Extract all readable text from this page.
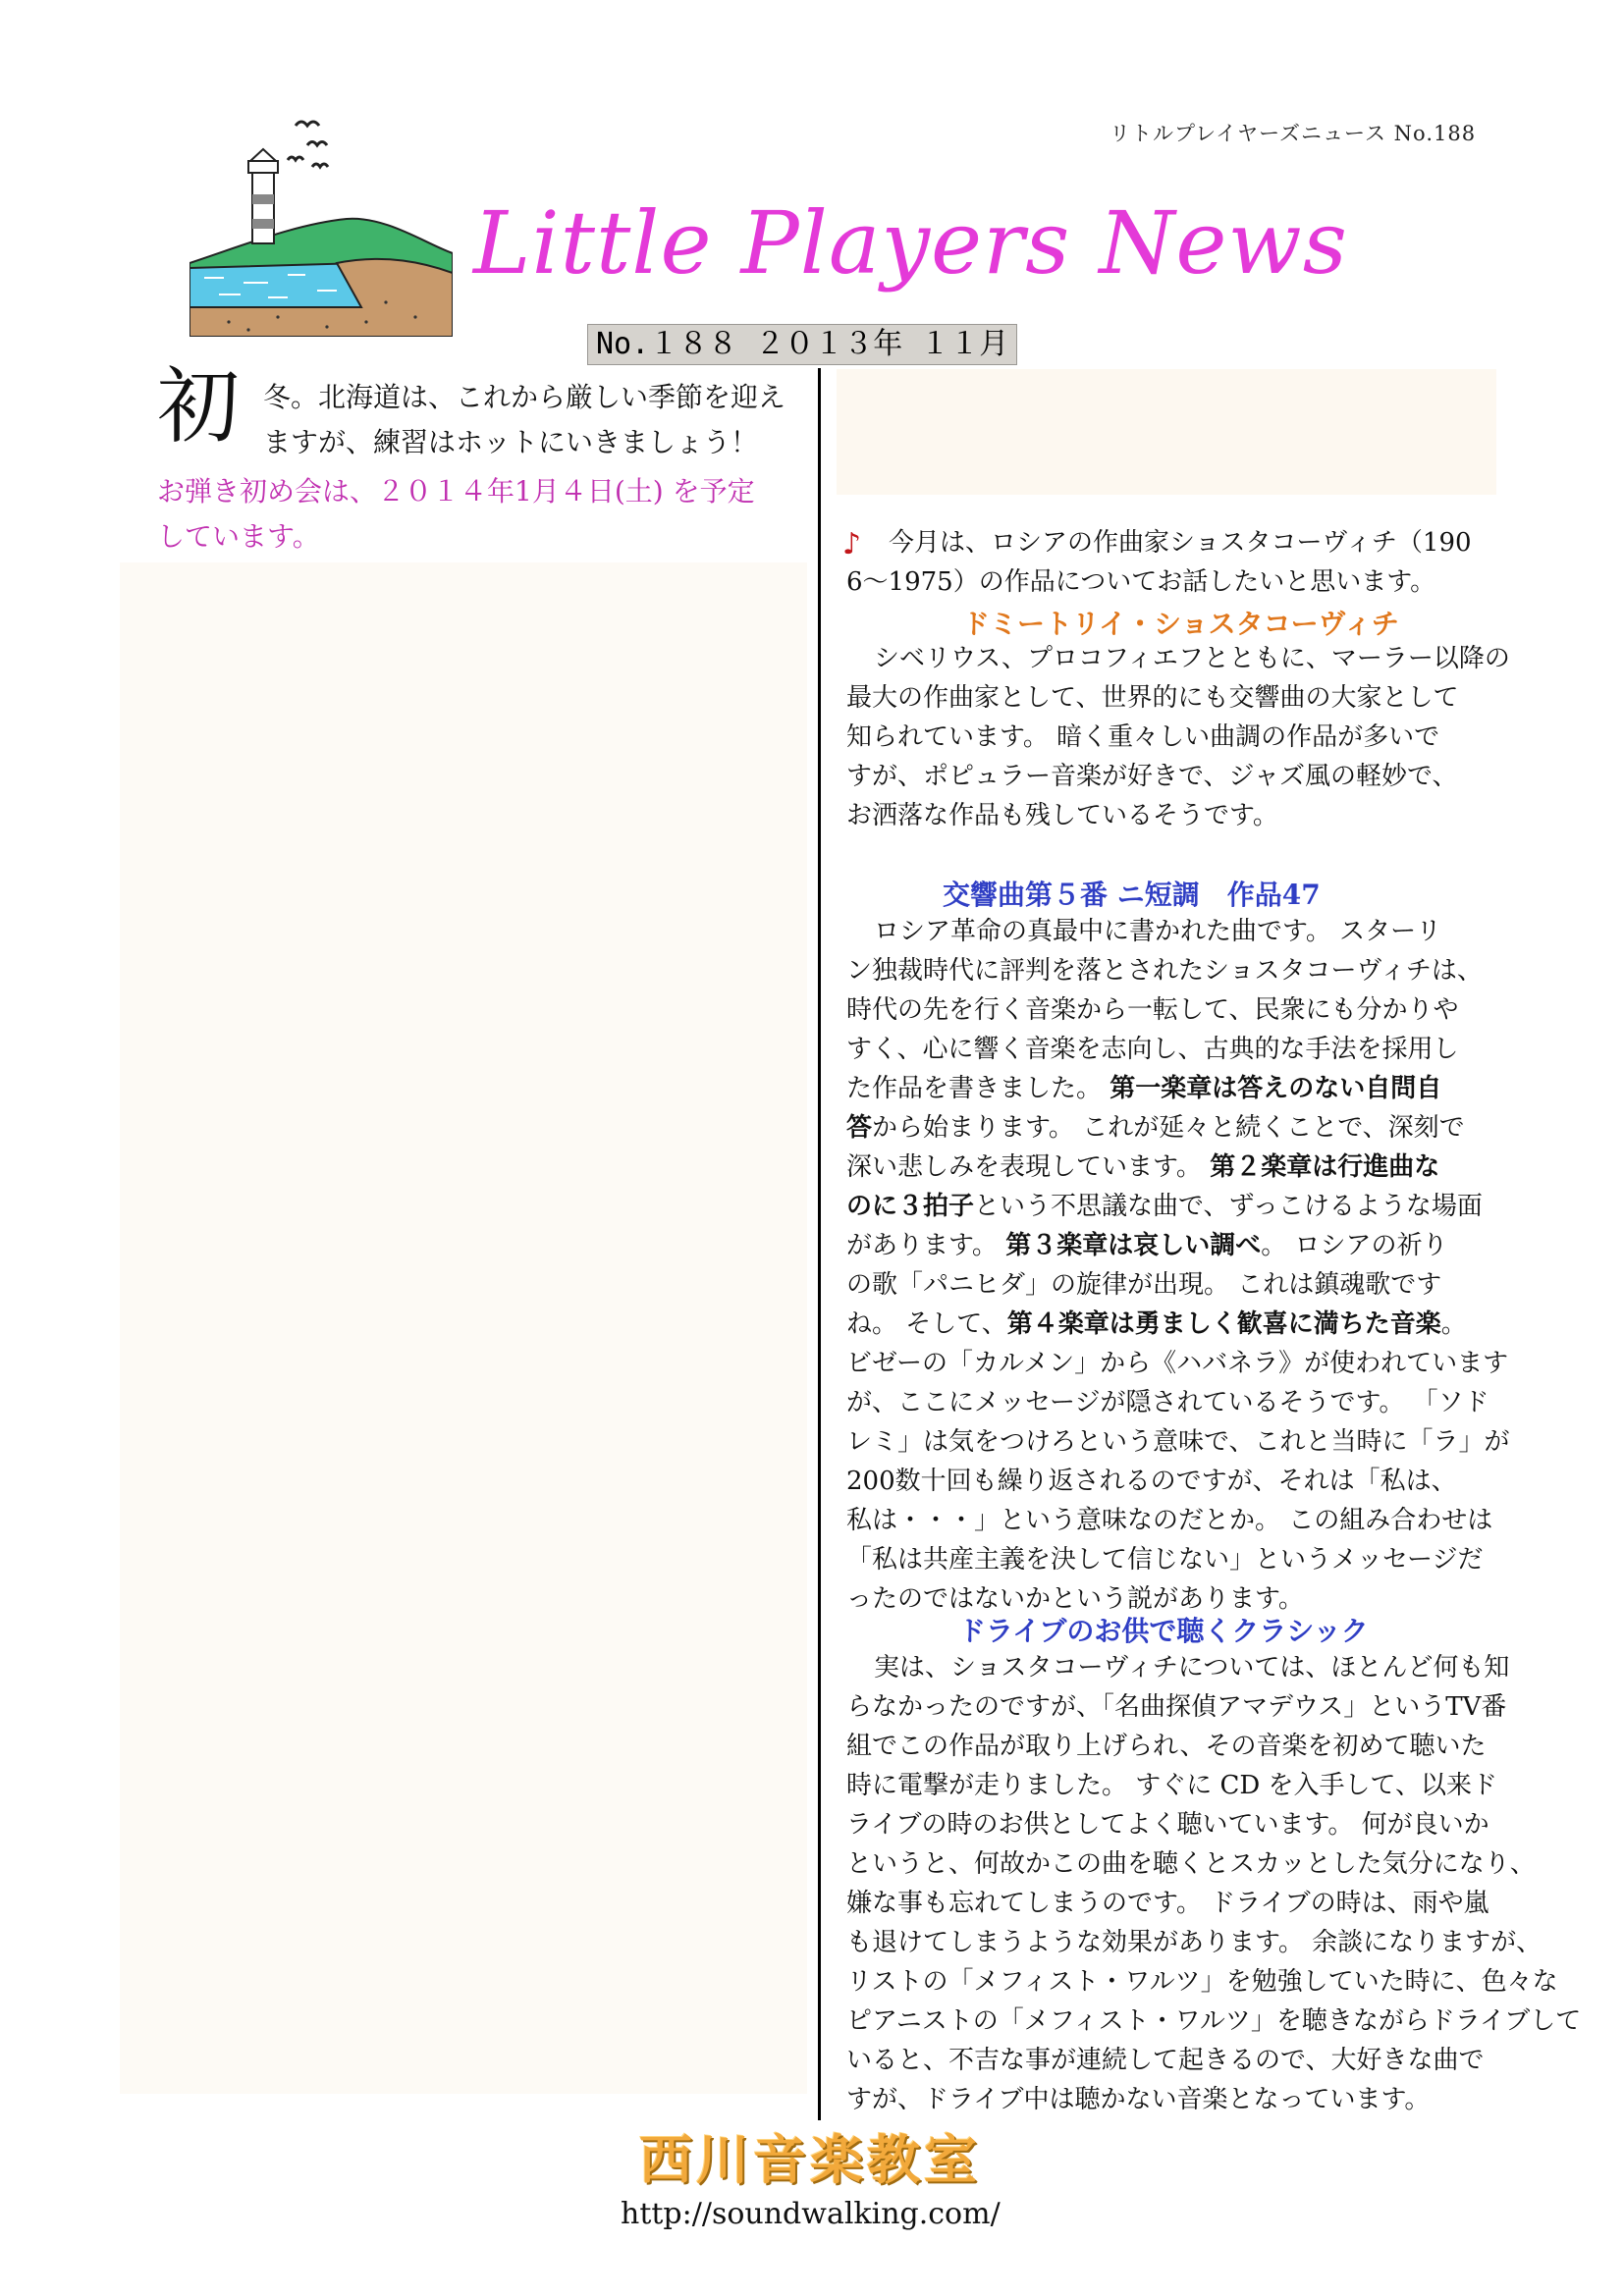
リトルプレイヤーズニュース No.188
Little Players News
No.１８８ ２０１３年 １１月
初 冬。北海道は、これから厳しい季節を迎え
ますが、練習はホットにいきましょう！
お弾き初め会は、２０１４年1月４日(土) を予定
しています。	♪ 今月は、ロシアの作曲家ショスタコーヴィチ（190
6～1975）の作品についてお話したいと思います。
ドミートリイ・ショスタコーヴィチ
シベリウス、プロコフィエフとともに、マーラー以降の
最大の作曲家として、世界的にも交響曲の大家として
知られています。 暗く重々しい曲調の作品が多いで
すが、ポピュラー音楽が好きで、ジャズ風の軽妙で、
お洒落な作品も残しているそうです。
交響曲第５番 ニ短調　作品47
ロシア革命の真最中に書かれた曲です。 スターリ
ン独裁時代に評判を落とされたショスタコーヴィチは、
時代の先を行く音楽から一転して、民衆にも分かりや
すく、心に響く音楽を志向し、古典的な手法を採用し
た作品を書きました。 第一楽章は答えのない自問自
答から始まります。 これが延々と続くことで、深刻で
深い悲しみを表現しています。 第２楽章は行進曲な
のに３拍子という不思議な曲で、ずっこけるような場面
があります。 第３楽章は哀しい調べ。 ロシアの祈り
の歌「パニヒダ」の旋律が出現。 これは鎮魂歌です
ね。 そして、第４楽章は勇ましく歓喜に満ちた音楽。
ビゼーの「カルメン」から《ハバネラ》が使われています
が、ここにメッセージが隠されているそうです。 「ソド
レミ」は気をつけろという意味で、これと当時に「ラ」が
200数十回も繰り返されるのですが、それは「私は、
私は・・・」という意味なのだとか。 この組み合わせは
「私は共産主義を決して信じない」というメッセージだ
ったのではないかという説があります。
ドライブのお供で聴くクラシック
実は、ショスタコーヴィチについては、ほとんど何も知
らなかったのですが、「名曲探偵アマデウス」というTV番
組でこの作品が取り上げられ、その音楽を初めて聴いた
時に電撃が走りました。 すぐに CD を入手して、以来ド
ライブの時のお供としてよく聴いています。 何が良いか
というと、何故かこの曲を聴くとスカッとした気分になり、
嫌な事も忘れてしまうのです。 ドライブの時は、雨や嵐
も退けてしまうような効果があります。 余談になりますが、
リストの「メフィスト・ワルツ」を勉強していた時に、色々な
ピアニストの「メフィスト・ワルツ」を聴きながらドライブして
いると、不吉な事が連続して起きるので、大好きな曲で
すが、ドライブ中は聴かない音楽となっています。
西川音楽教室
http://soundwalking.com/
